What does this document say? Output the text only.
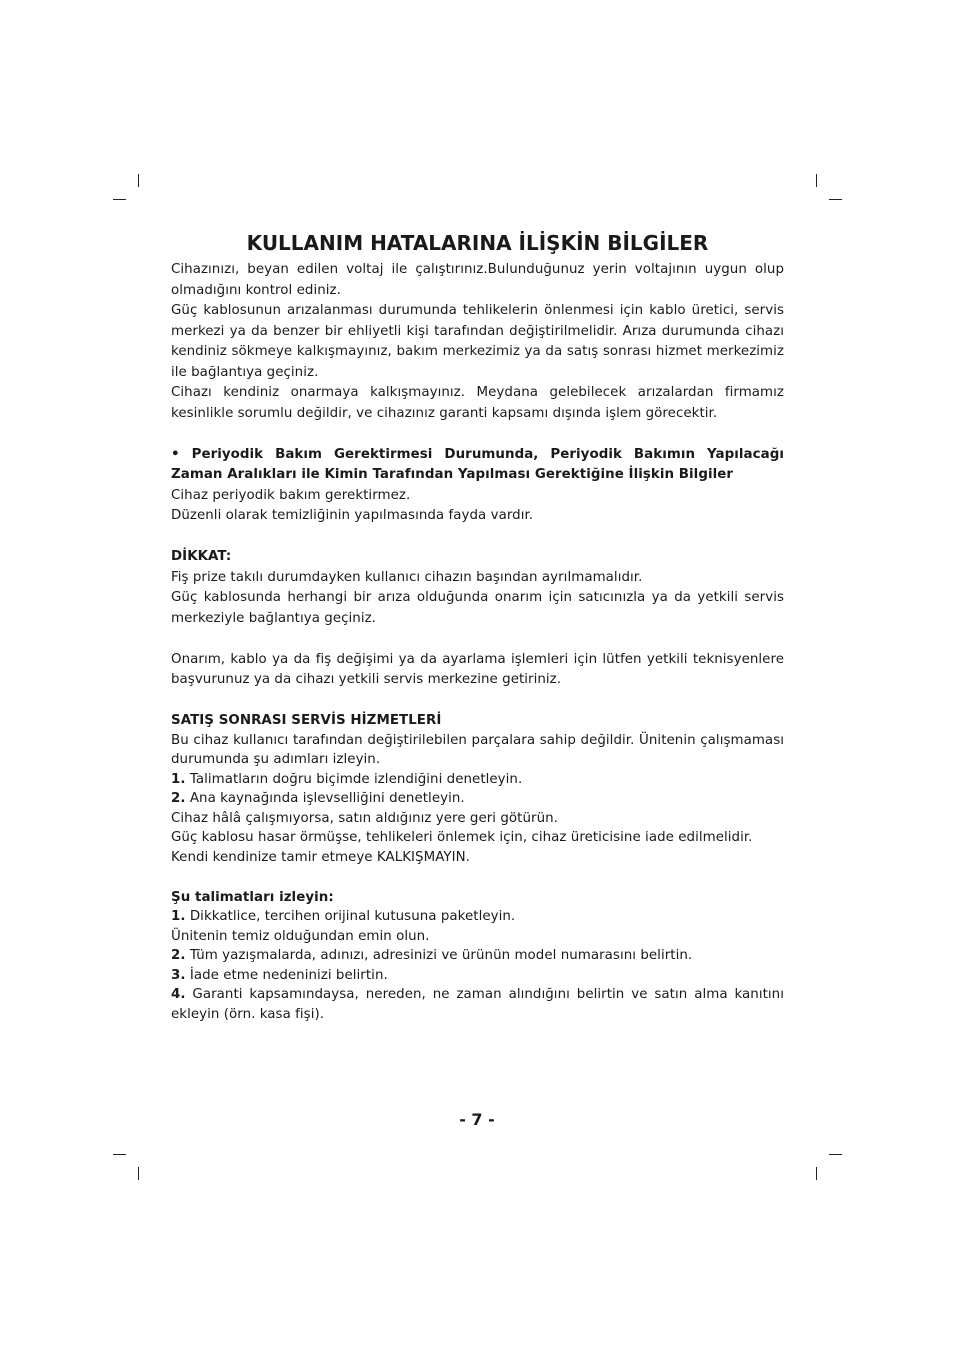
KULLANIM HATALARINA İLİŞKİN BİLGİLER

Cihazınızı, beyan edilen voltaj ile çalıştırınız.Bulunduğunuz yerin voltajının uygun olup olmadığını kontrol ediniz.

Güç kablosunun arızalanması durumunda tehlikelerin önlenmesi için kablo üretici, servis merkezi ya da benzer bir ehliyetli kişi tarafından değiştirilmelidir. Arıza durumunda cihazı kendiniz sökmeye kalkışmayınız, bakım merkezimiz ya da satış sonrası hizmet merkezimiz ile bağlantıya geçiniz.

Cihazı kendiniz onarmaya kalkışmayınız. Meydana gelebilecek arızalardan firmamız kesinlikle sorumlu değildir, ve cihazınız garanti kapsamı dışında işlem görecektir.

• Periyodik Bakım Gerektirmesi Durumunda, Periyodik Bakımın Yapılacağı Zaman Aralıkları ile Kimin Tarafından Yapılması Gerektiğine İlişkin Bilgiler

Cihaz periyodik bakım gerektirmez.

Düzenli olarak temizliğinin yapılmasında fayda vardır.

DİKKAT:

Fiş prize takılı durumdayken kullanıcı cihazın başından ayrılmamalıdır.

Güç kablosunda herhangi bir arıza olduğunda onarım için satıcınızla ya da yetkili servis merkeziyle bağlantıya geçiniz.

Onarım, kablo ya da fiş değişimi ya da ayarlama işlemleri için lütfen yetkili teknisyenlere başvurunuz ya da cihazı yetkili servis merkezine getiriniz.

SATIŞ SONRASI SERVİS HİZMETLERİ

Bu cihaz kullanıcı tarafından değiştirilebilen parçalara sahip değildir. Ünitenin çalışmaması durumunda şu adımları izleyin.

1. Talimatların doğru biçimde izlendiğini denetleyin.

2. Ana kaynağında işlevselliğini denetleyin.

Cihaz hâlâ çalışmıyorsa, satın aldığınız yere geri götürün.

Güç kablosu hasar örmüşse, tehlikeleri önlemek için, cihaz üreticisine iade edilmelidir.

Kendi kendinize tamir etmeye KALKIŞMAYIN.

Şu talimatları izleyin:

1. Dikkatlice, tercihen orijinal kutusuna paketleyin.

Ünitenin temiz olduğundan emin olun.

2. Tüm yazışmalarda, adınızı, adresinizi ve ürünün model numarasını belirtin.

3. İade etme nedeninizi belirtin.

4. Garanti kapsamındaysa, nereden, ne zaman alındığını belirtin ve satın alma kanıtını ekleyin (örn. kasa fişi).

- 7 -
